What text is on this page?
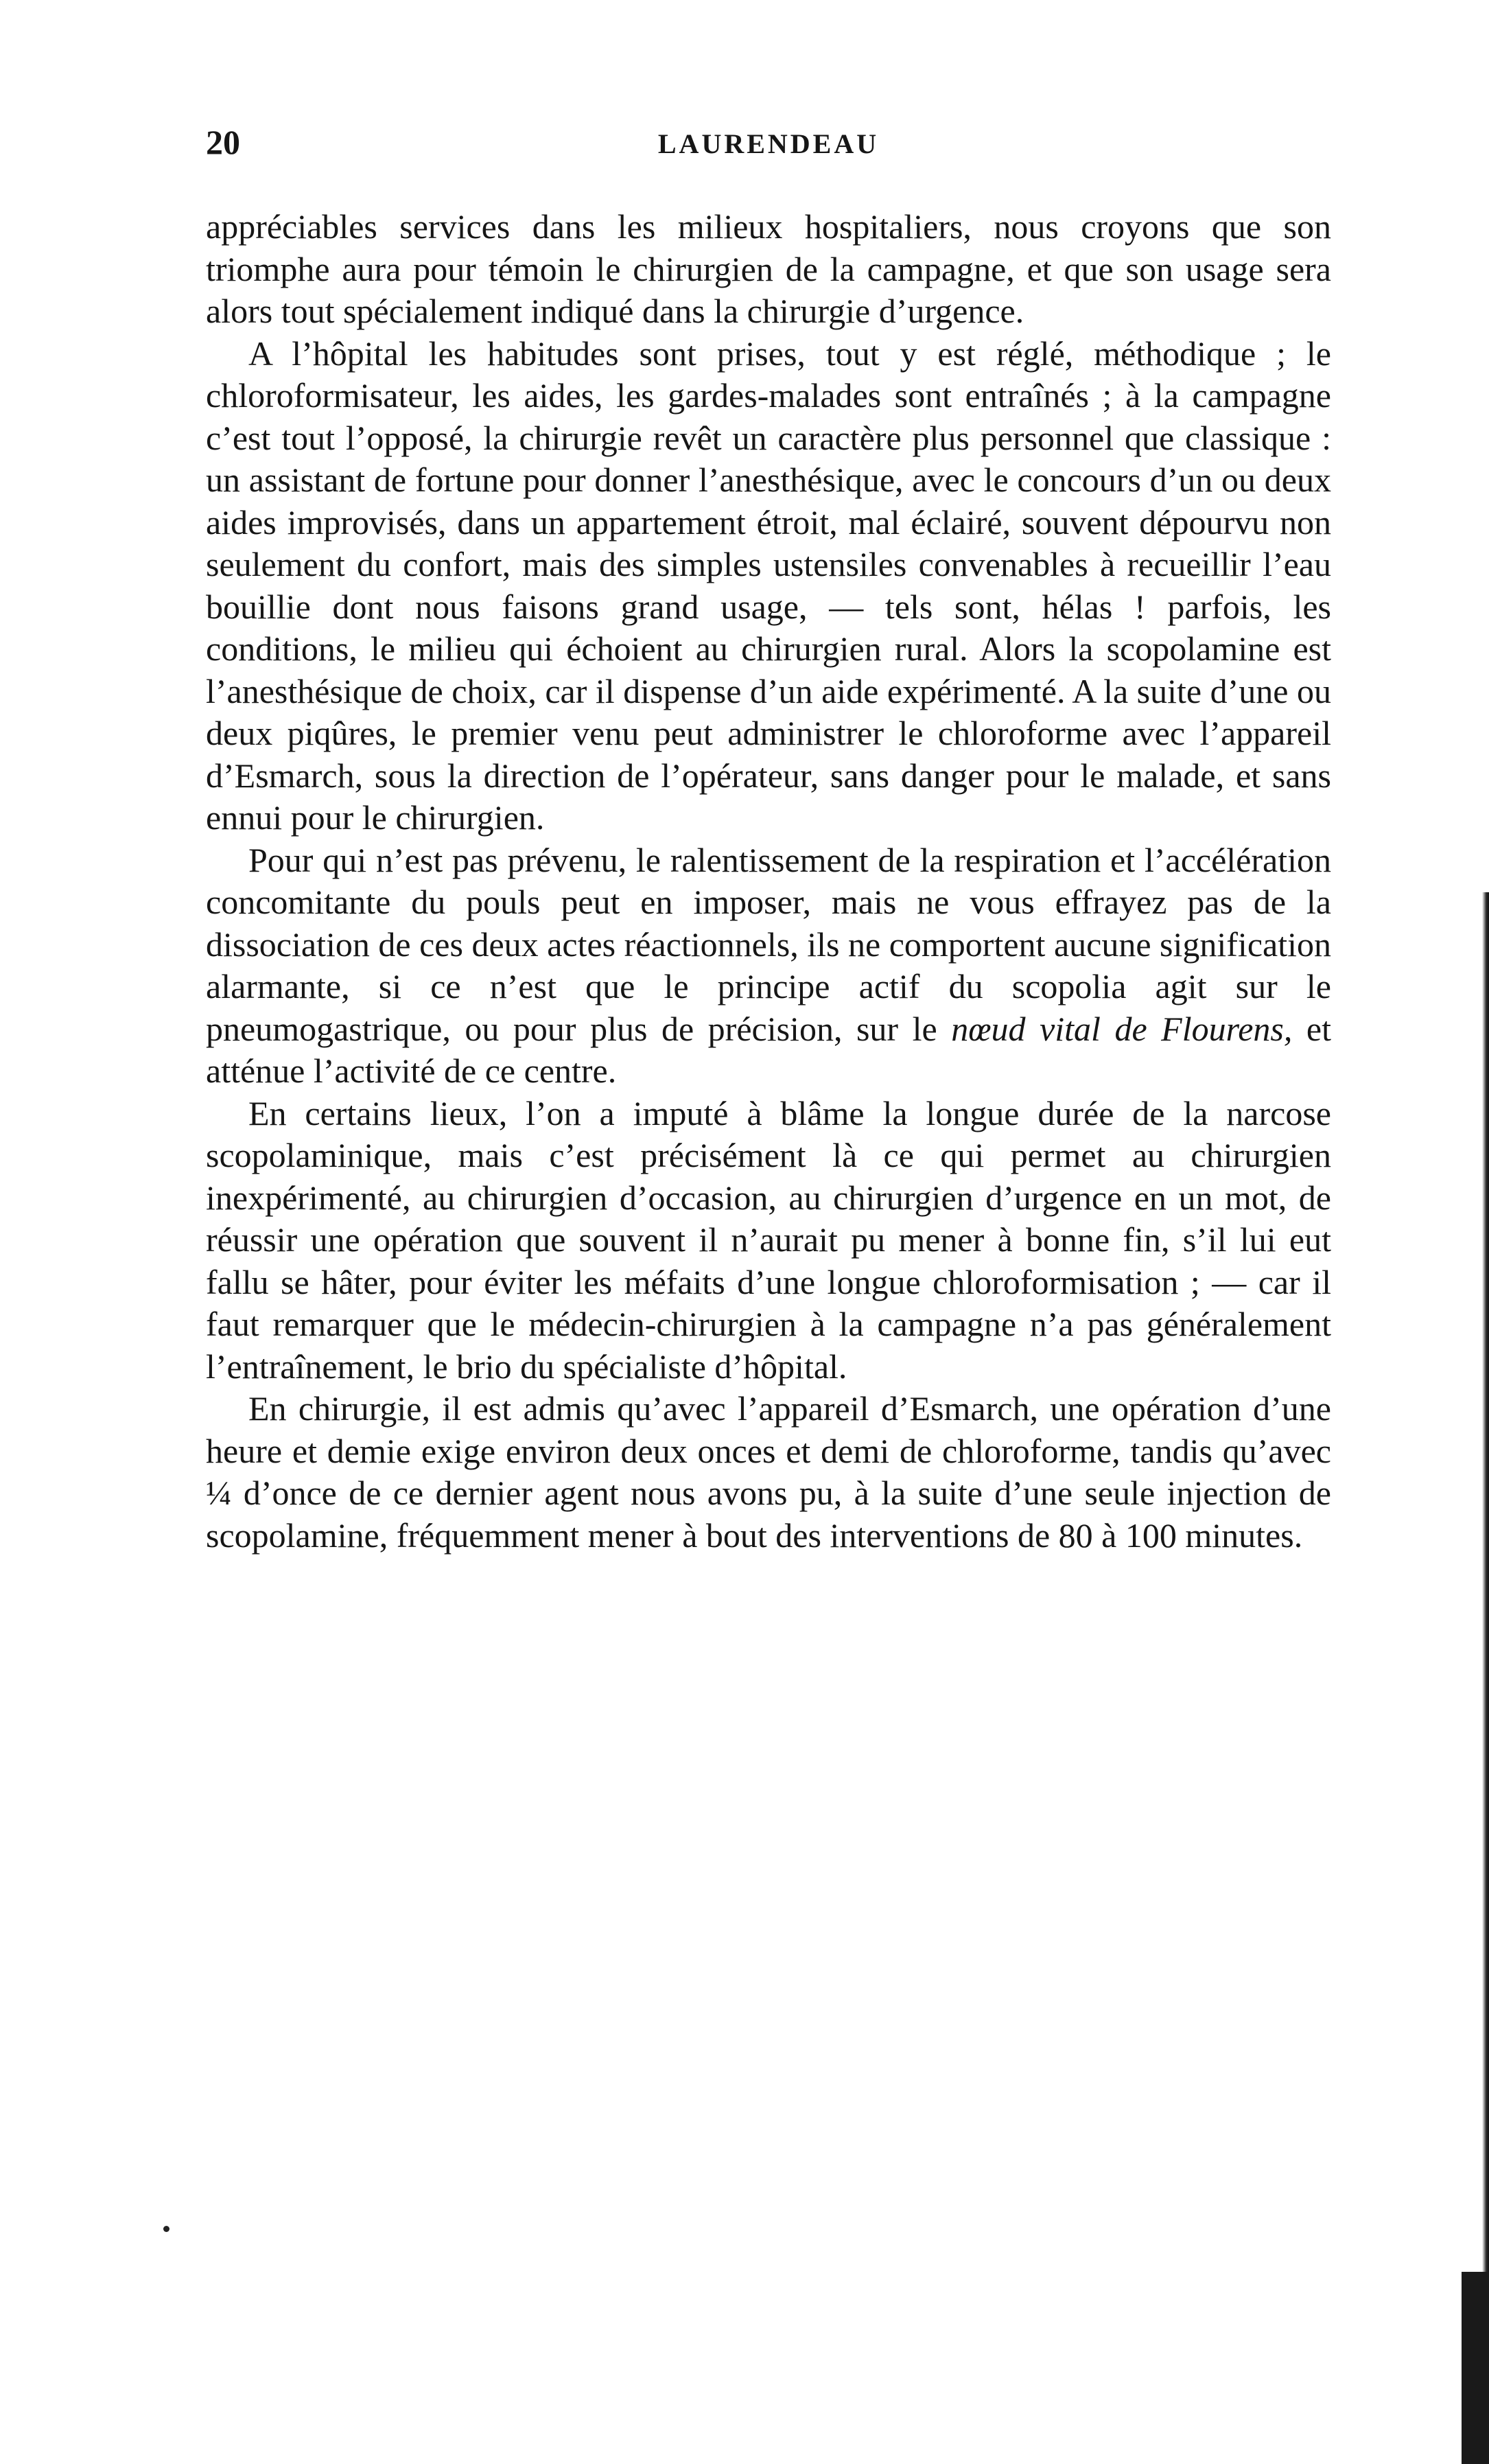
20	LAURENDEAU

appréciables services dans les milieux hospitaliers, nous croyons que son triomphe aura pour témoin le chirurgien de la campagne, et que son usage sera alors tout spécialement indiqué dans la chirurgie d’urgence.

A l’hôpital les habitudes sont prises, tout y est réglé, méthodique ; le chloroformisateur, les aides, les gardes-malades sont entraînés ; à la campagne c’est tout l’opposé, la chirurgie revêt un caractère plus personnel que classique : un assistant de fortune pour donner l’anesthésique, avec le concours d’un ou deux aides improvisés, dans un appartement étroit, mal éclairé, souvent dépourvu non seulement du confort, mais des simples ustensiles convenables à recueillir l’eau bouillie dont nous faisons grand usage, — tels sont, hélas ! parfois, les conditions, le milieu qui échoient au chirurgien rural. Alors la scopolamine est l’anesthésique de choix, car il dispense d’un aide expérimenté. A la suite d’une ou deux piqûres, le premier venu peut administrer le chloroforme avec l’appareil d’Esmarch, sous la direction de l’opérateur, sans danger pour le malade, et sans ennui pour le chirurgien.

Pour qui n’est pas prévenu, le ralentissement de la respiration et l’accélération concomitante du pouls peut en imposer, mais ne vous effrayez pas de la dissociation de ces deux actes réactionnels, ils ne comportent aucune signification alarmante, si ce n’est que le principe actif du scopolia agit sur le pneumogastrique, ou pour plus de précision, sur le nœud vital de Flourens, et atténue l’activité de ce centre.

En certains lieux, l’on a imputé à blâme la longue durée de la narcose scopolaminique, mais c’est précisément là ce qui permet au chirurgien inexpérimenté, au chirurgien d’occasion, au chirurgien d’urgence en un mot, de réussir une opération que souvent il n’aurait pu mener à bonne fin, s’il lui eut fallu se hâter, pour éviter les méfaits d’une longue chloroformisation ; — car il faut remarquer que le médecin-chirurgien à la campagne n’a pas généralement l’entraînement, le brio du spécialiste d’hôpital.

En chirurgie, il est admis qu’avec l’appareil d’Esmarch, une opération d’une heure et demie exige environ deux onces et demi de chloroforme, tandis qu’avec ¼ d’once de ce dernier agent nous avons pu, à la suite d’une seule injection de scopolamine, fréquemment mener à bout des interventions de 80 à 100 minutes.
